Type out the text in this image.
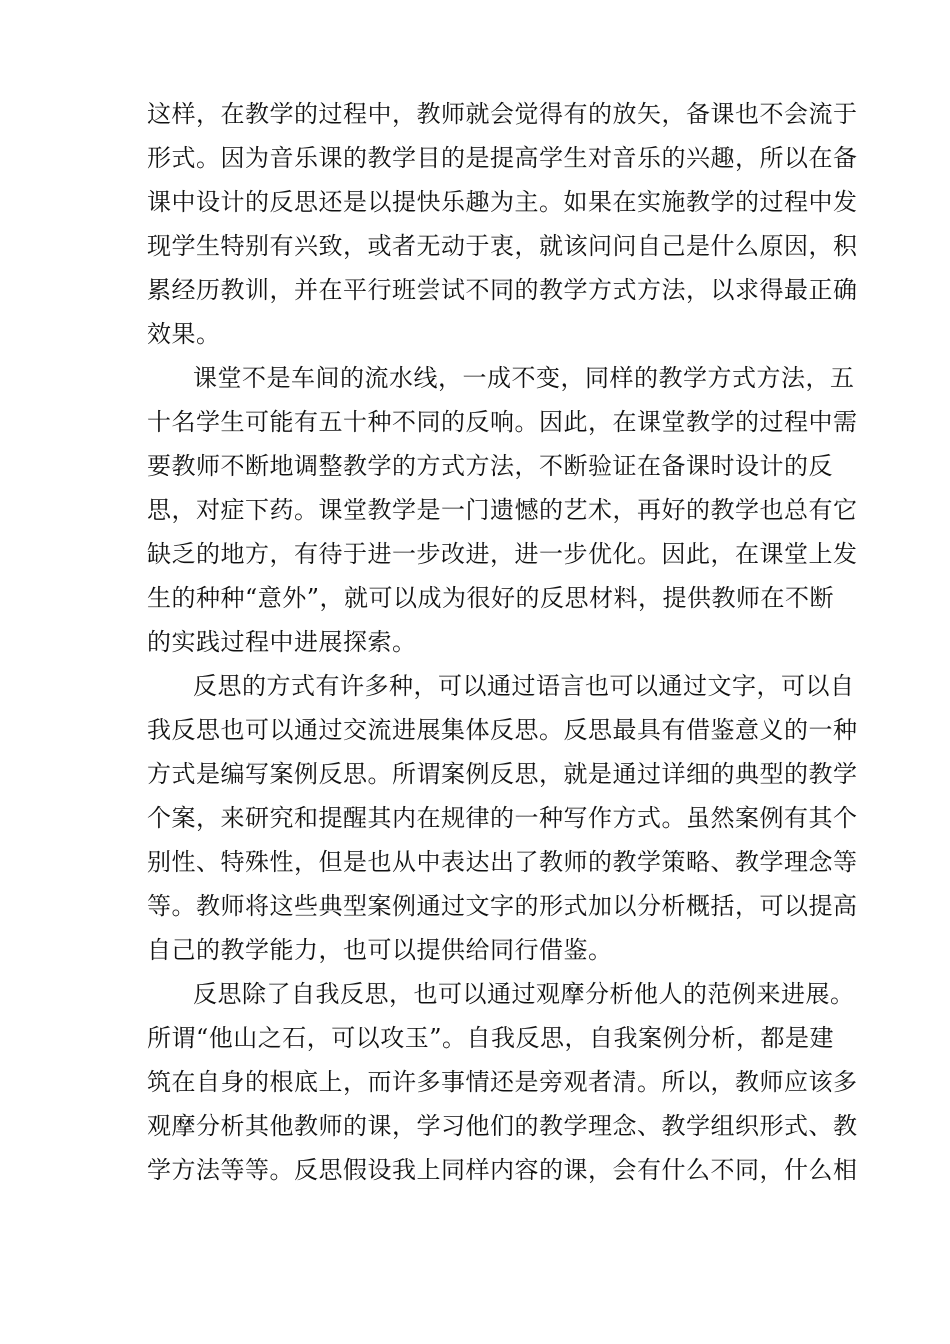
这样，在教学的过程中，教师就会觉得有的放矢，备课也不会流于
形式。因为音乐课的教学目的是提高学生对音乐的兴趣，所以在备
课中设计的反思还是以提快乐趣为主。如果在实施教学的过程中发
现学生特别有兴致，或者无动于衷，就该问问自己是什么原因，积
累经历教训，并在平行班尝试不同的教学方式方法，以求得最正确
效果。
课堂不是车间的流水线，一成不变，同样的教学方式方法，五
十名学生可能有五十种不同的反响。因此，在课堂教学的过程中需
要教师不断地调整教学的方式方法，不断验证在备课时设计的反
思，对症下药。课堂教学是一门遗憾的艺术，再好的教学也总有它
缺乏的地方，有待于进一步改进，进一步优化。因此，在课堂上发
生的种种“意外”，就可以成为很好的反思材料，提供教师在不断
的实践过程中进展探索。
反思的方式有许多种，可以通过语言也可以通过文字，可以自
我反思也可以通过交流进展集体反思。反思最具有借鉴意义的一种
方式是编写案例反思。所谓案例反思，就是通过详细的典型的教学
个案，来研究和提醒其内在规律的一种写作方式。虽然案例有其个
别性、特殊性，但是也从中表达出了教师的教学策略、教学理念等
等。教师将这些典型案例通过文字的形式加以分析概括，可以提高
自己的教学能力，也可以提供给同行借鉴。
反思除了自我反思，也可以通过观摩分析他人的范例来进展。
所谓“他山之石，可以攻玉”。自我反思，自我案例分析，都是建
筑在自身的根底上，而许多事情还是旁观者清。所以，教师应该多
观摩分析其他教师的课，学习他们的教学理念、教学组织形式、教
学方法等等。反思假设我上同样内容的课，会有什么不同，什么相
